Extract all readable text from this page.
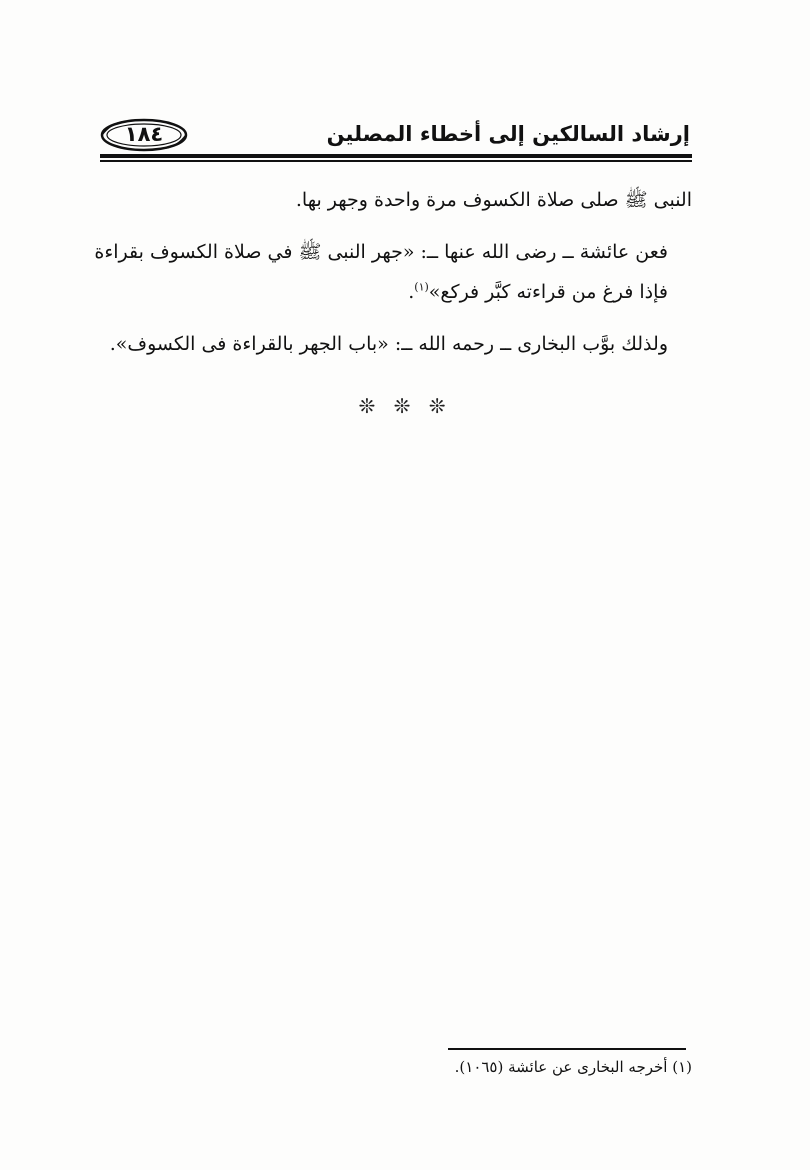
١٨٤	إرشاد السالكين إلى أخطاء المصلين

النبى ﷺ صلى صلاة الكسوف مرة واحدة وجهر بها.

فعن عائشة ــ رضى الله عنها ــ: «جهر النبى ﷺ في صلاة الكسوف بقراءة
فإذا فرغ من قراءته كبَّر فركع»$^{(١)}$.

ولذلك بوَّب البخارى ــ رحمه الله ــ: «باب الجهر بالقراءة فى الكسوف».

❊ ❊ ❊
(١) أخرجه البخارى عن عائشة (١٠٦٥).
